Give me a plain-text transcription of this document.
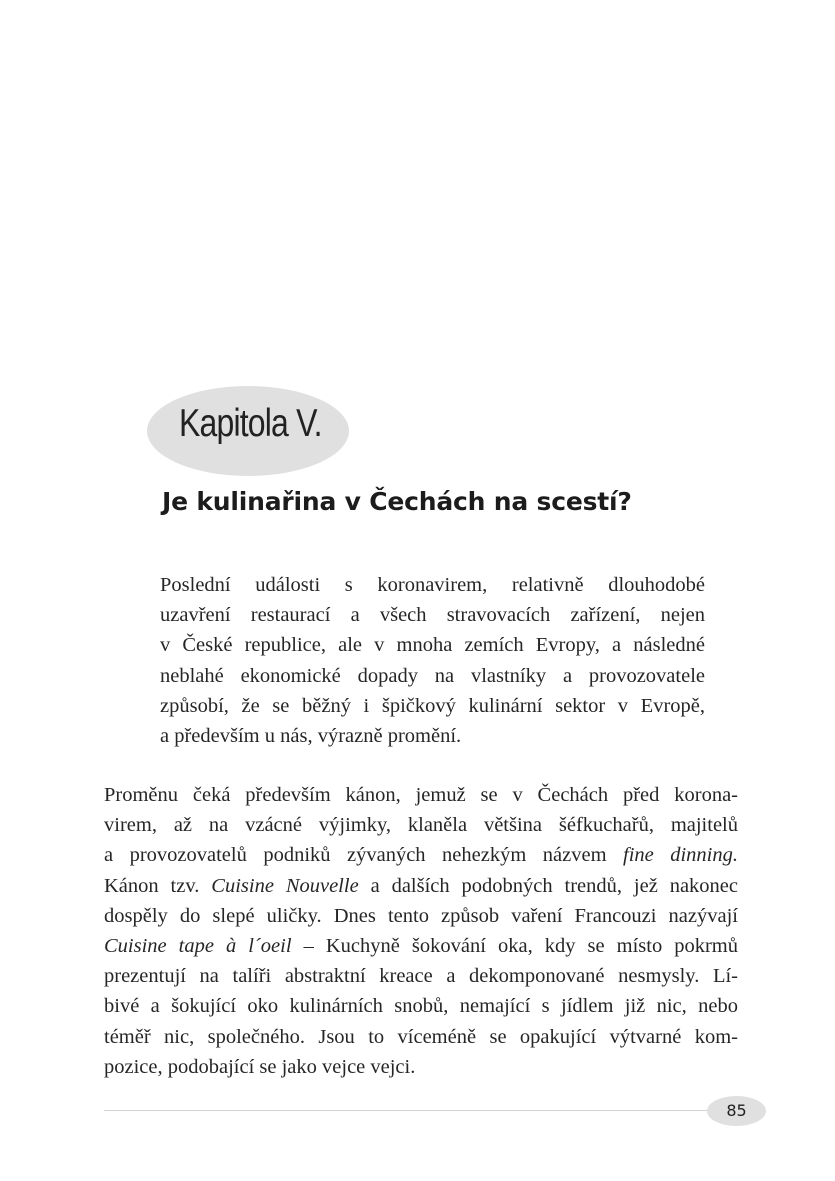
Kapitola V.
Je kulinařina v Čechách na scestí?
Poslední události s koronavirem, relativně dlouhodobé
uzavření restaurací a všech stravovacích zařízení, nejen
v České republice, ale v mnoha zemích Evropy, a následné
neblahé ekonomické dopady na vlastníky a provozovatele
způsobí, že se běžný i špičkový kulinární sektor v Evropě,
a především u nás, výrazně promění.
Proměnu čeká především kánon, jemuž se v Čechách před korona-
virem, až na vzácné výjimky, klaněla většina šéfkuchařů, majitelů
a provozovatelů podniků zývaných nehezkým názvem fine dinning.
Kánon tzv. Cuisine Nouvelle a dalších podobných trendů, jež nakonec
dospěly do slepé uličky. Dnes tento způsob vaření Francouzi nazývají
Cuisine tape à l´oeil – Kuchyně šokování oka, kdy se místo pokrmů
prezentují na talíři abstraktní kreace a dekomponované nesmysly. Lí-
bivé a šokující oko kulinárních snobů, nemající s jídlem již nic, nebo
téměř nic, společného. Jsou to víceméně se opakující výtvarné kom-
pozice, podobající se jako vejce vejci.
85
